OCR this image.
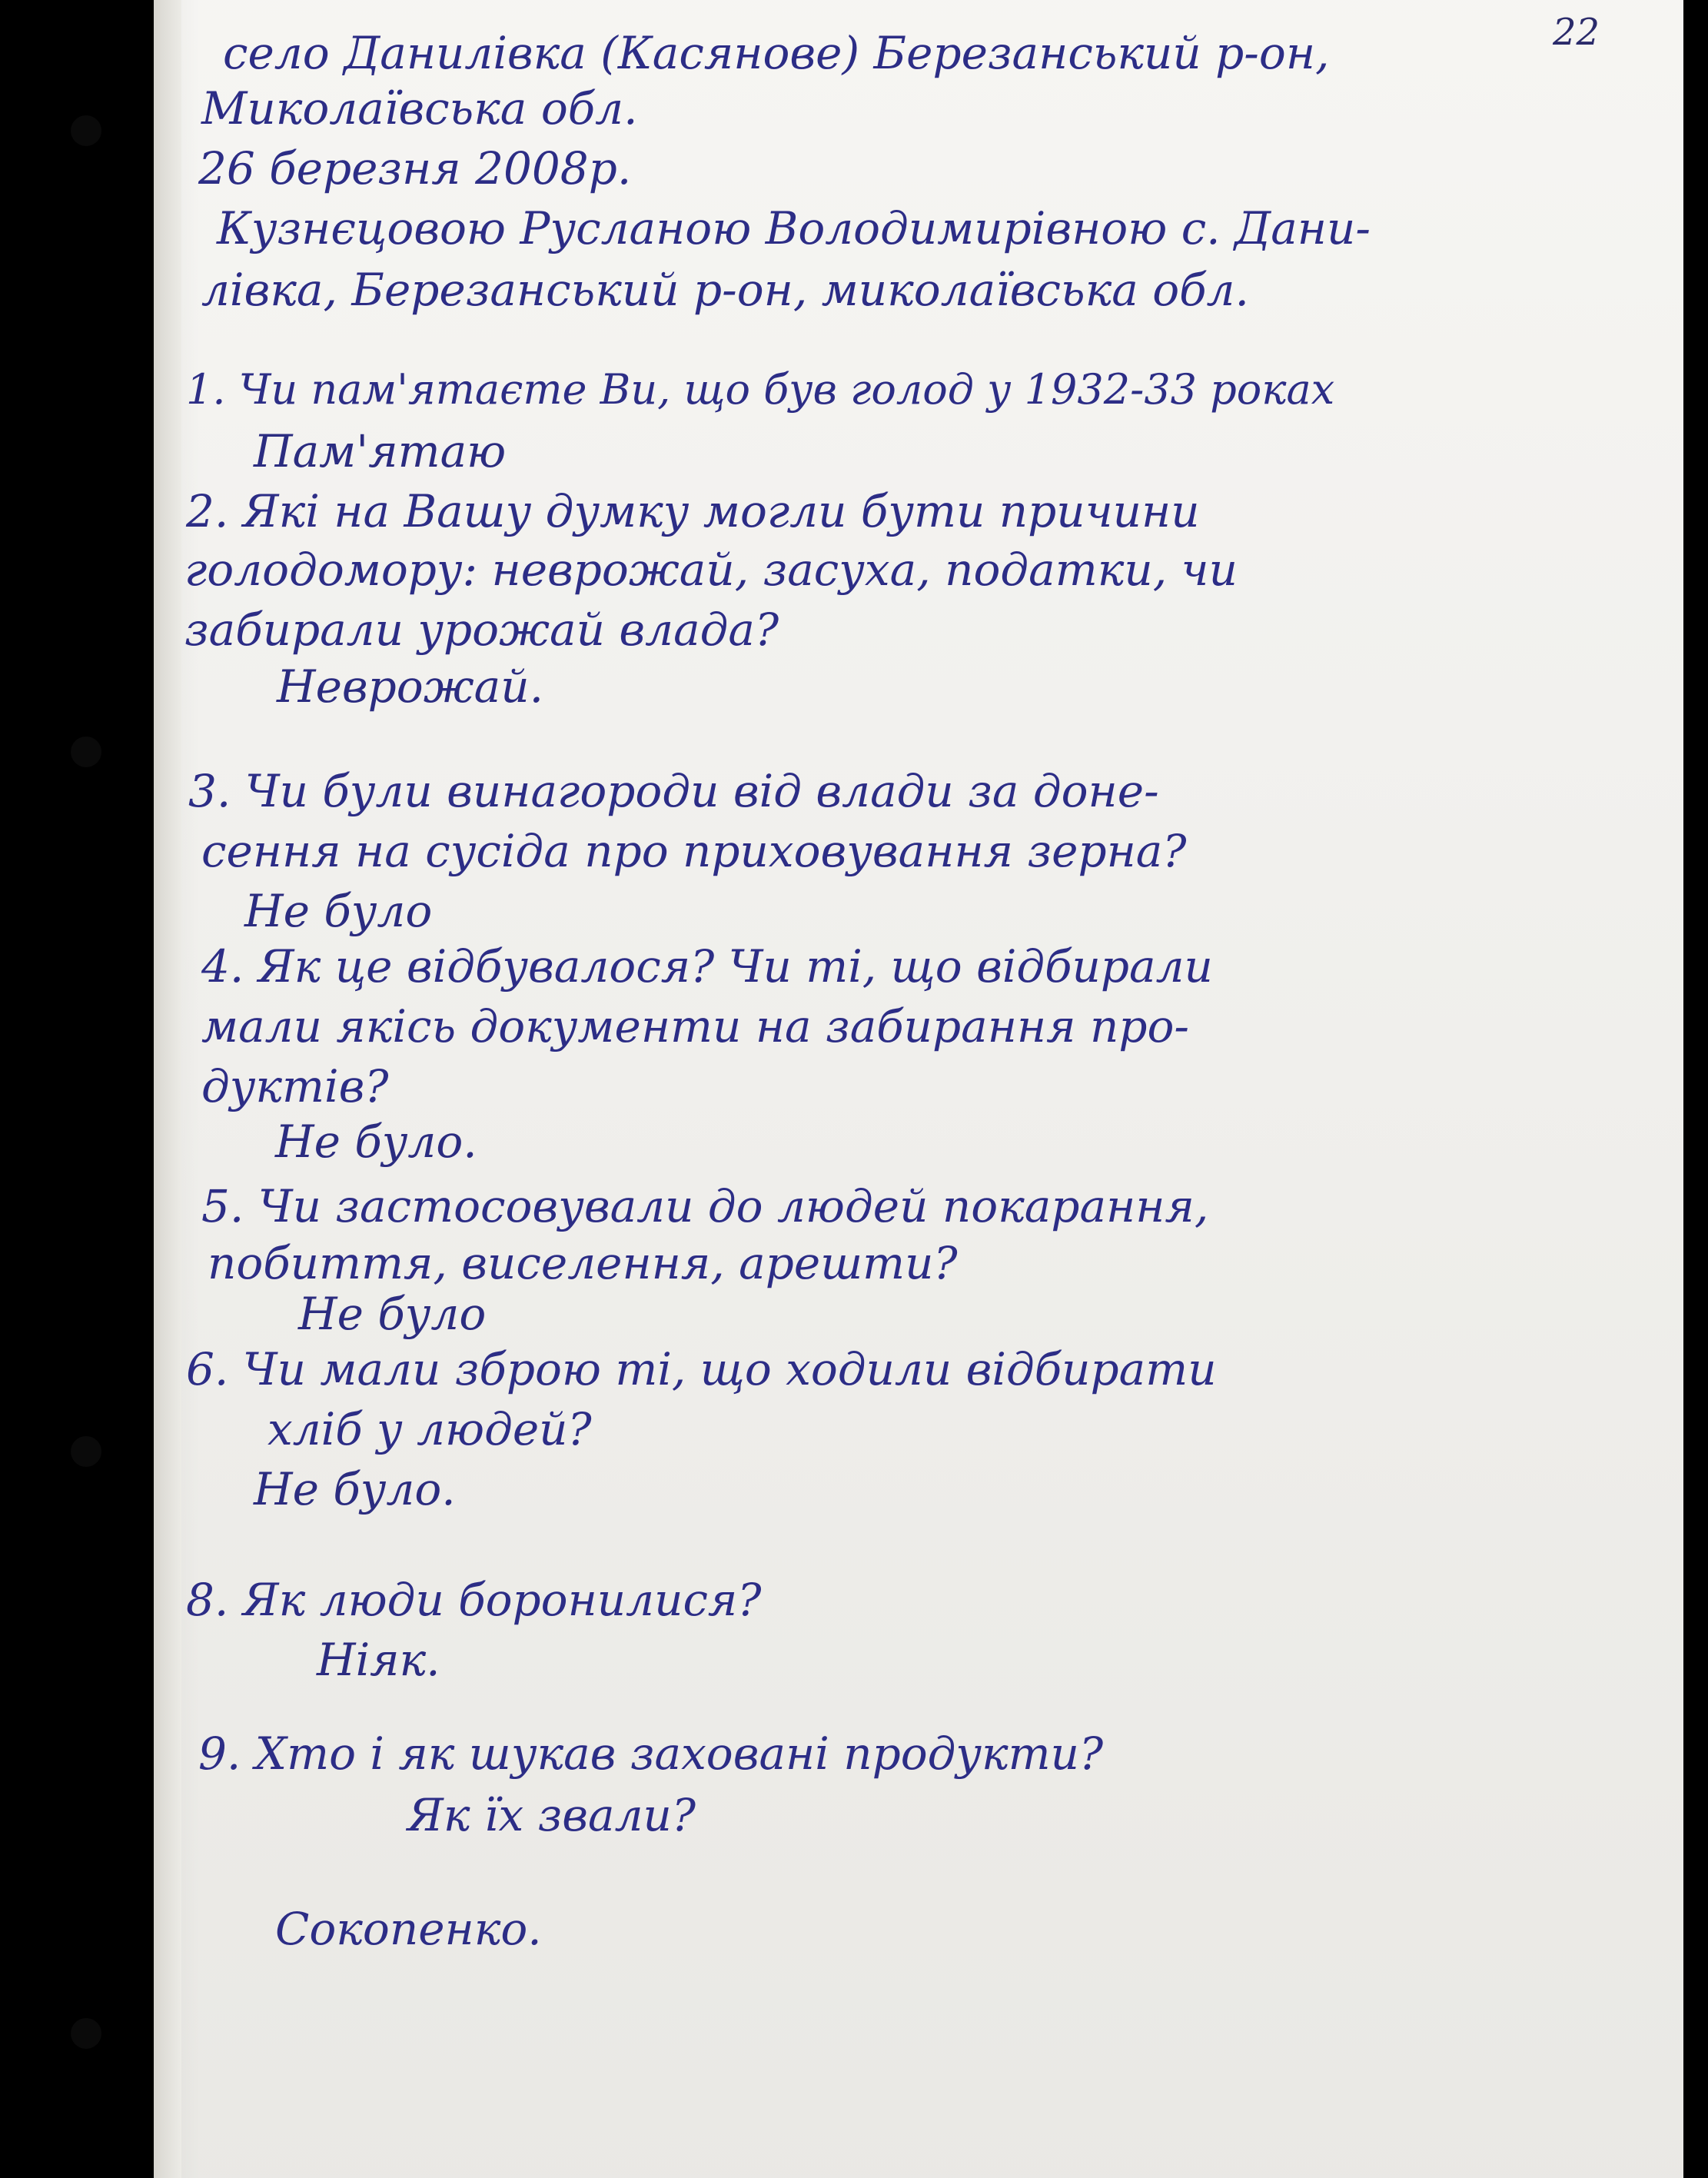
22

село Данилівка (Касянове) Березанський р-он,

Миколаївська обл.

26 березня 2008р.

Кузнєцовою Русланою Володимирівною с. Дани-

лівка, Березанський р-он, миколаївська обл.

1. Чи пам'ятаєте Ви, що був голод у 1932-33 роках

Пам'ятаю

2. Які на Вашу думку могли бути причини

голодомору: неврожай, засуха, податки, чи

забирали урожай влада?

Неврожай.

3. Чи були винагороди від влади за доне-

сення на сусіда про приховування зерна?

Не було

4. Як це відбувалося? Чи ті, що відбирали

мали якісь документи на забирання про-

дуктів?

Не було.

5. Чи застосовували до людей покарання,

побиття, виселення, арешти?

Не було

6. Чи мали зброю ті, що ходили відбирати

хліб у людей?

Не було.

8. Як люди боронилися?

Ніяк.

9. Хто і як шукав заховані продукти?

Як їх звали?

Сокопенко.
